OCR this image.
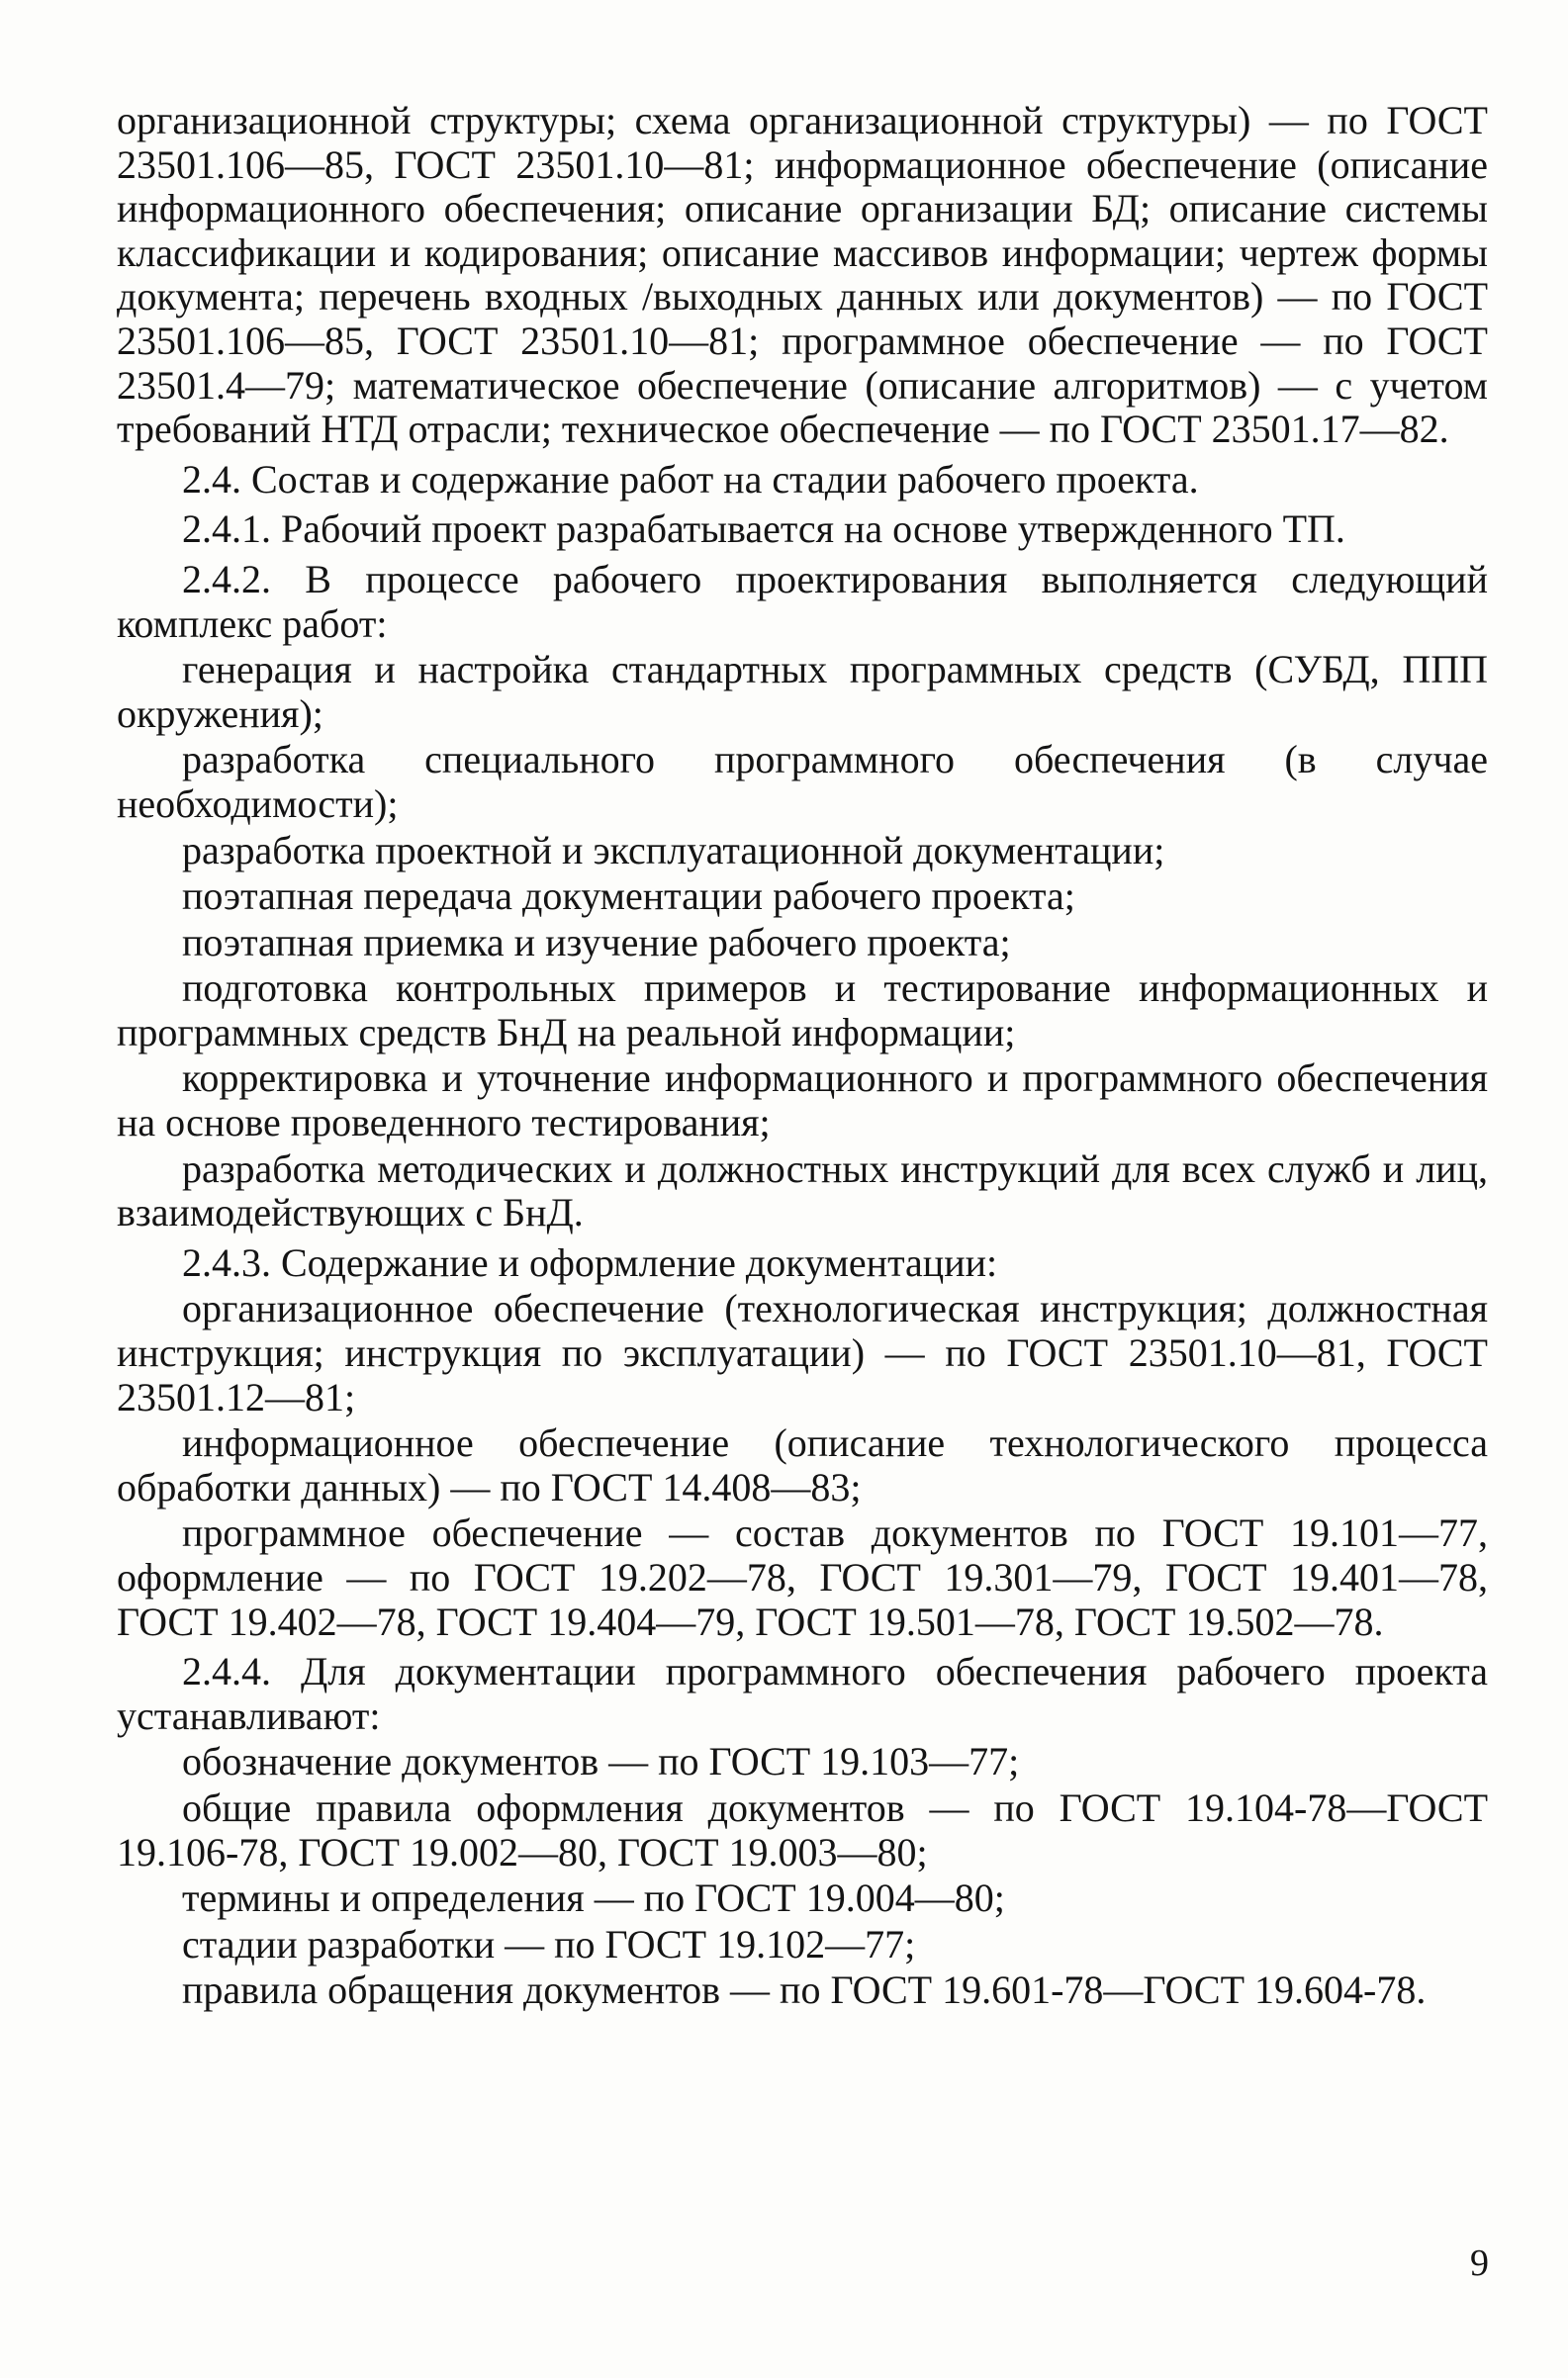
организационной структуры; схема организационной структуры) — по ГОСТ 23501.106—85, ГОСТ 23501.10—81; информационное обеспечение (описание информационного обеспечения; описание организации БД; описание системы классификации и кодирования; описание массивов информации; чертеж формы документа; перечень входных /выходных данных или документов) — по ГОСТ 23501.106—85, ГОСТ 23501.10—81; программное обеспечение — по ГОСТ 23501.4—79; математическое обеспечение (описание алгоритмов) — с учетом требований НТД отрасли; техническое обеспечение — по ГОСТ 23501.17—82.

2.4. Состав и содержание работ на стадии рабочего проекта.

2.4.1. Рабочий проект разрабатывается на основе утвержденного ТП.

2.4.2. В процессе рабочего проектирования выполняется следующий комплекс работ:

генерация и настройка стандартных программных средств (СУБД, ППП окружения);

разработка специального программного обеспечения (в случае необходимости);

разработка проектной и эксплуатационной документации;

поэтапная передача документации рабочего проекта;

поэтапная приемка и изучение рабочего проекта;

подготовка контрольных примеров и тестирование информационных и программных средств БнД на реальной информации;

корректировка и уточнение информационного и программного обеспечения на основе проведенного тестирования;

разработка методических и должностных инструкций для всех служб и лиц, взаимодействующих с БнД.

2.4.3. Содержание и оформление документации:

организационное обеспечение (технологическая инструкция; должностная инструкция; инструкция по эксплуатации) — по ГОСТ 23501.10—81, ГОСТ 23501.12—81;

информационное обеспечение (описание технологического процесса обработки данных) — по ГОСТ 14.408—83;

программное обеспечение — состав документов по ГОСТ 19.101—77, оформление — по ГОСТ 19.202—78, ГОСТ 19.301—79, ГОСТ 19.401—78, ГОСТ 19.402—78, ГОСТ 19.404—79, ГОСТ 19.501—78, ГОСТ 19.502—78.

2.4.4. Для документации программного обеспечения рабочего проекта устанавливают:

обозначение документов — по ГОСТ 19.103—77;

общие правила оформления документов — по ГОСТ 19.104-78—ГОСТ 19.106-78, ГОСТ 19.002—80, ГОСТ 19.003—80;

термины и определения — по ГОСТ 19.004—80;

стадии разработки — по ГОСТ 19.102—77;

правила обращения документов — по ГОСТ 19.601-78—ГОСТ 19.604-78.

9
